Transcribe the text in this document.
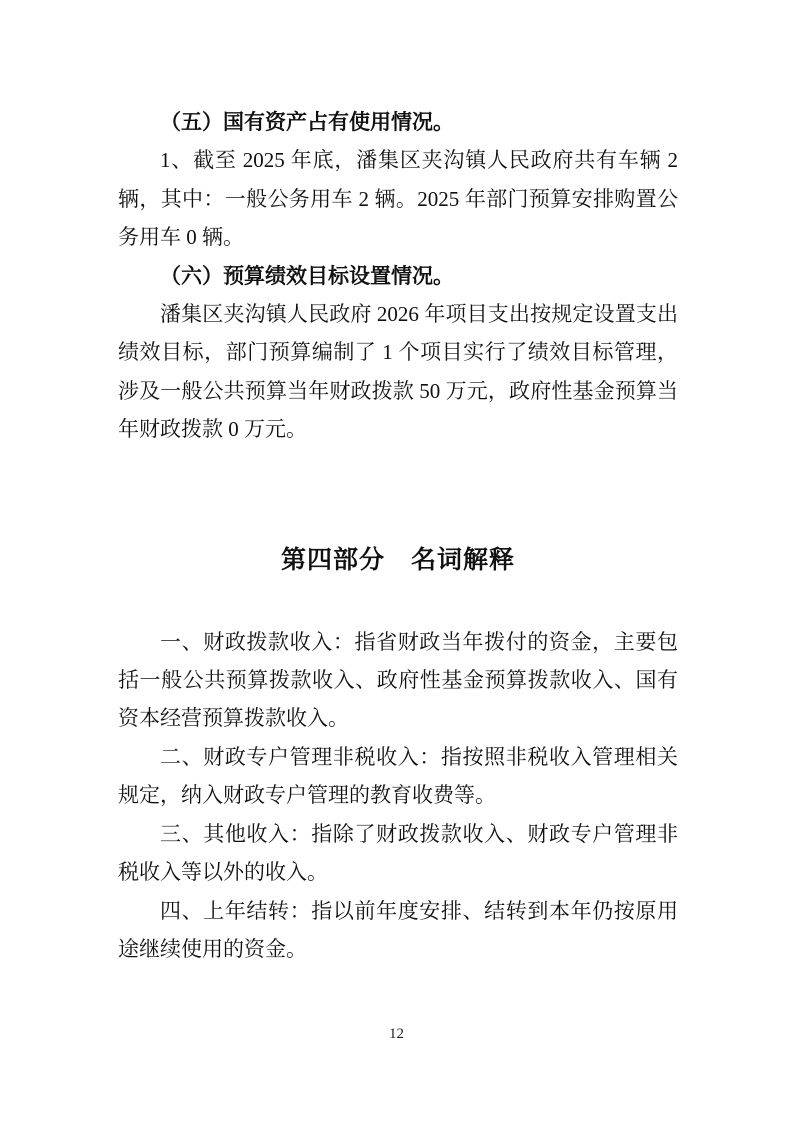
（五）国有资产占有使用情况。

1、截至 2025 年底，潘集区夹沟镇人民政府共有车辆 2 辆，其中：一般公务用车 2 辆。2025 年部门预算安排购置公务用车 0 辆。

（六）预算绩效目标设置情况。

潘集区夹沟镇人民政府 2026 年项目支出按规定设置支出绩效目标，部门预算编制了 1 个项目实行了绩效目标管理，涉及一般公共预算当年财政拨款 50 万元，政府性基金预算当年财政拨款 0 万元。

第四部分　名词解释

一、财政拨款收入：指省财政当年拨付的资金，主要包括一般公共预算拨款收入、政府性基金预算拨款收入、国有资本经营预算拨款收入。

二、财政专户管理非税收入：指按照非税收入管理相关规定，纳入财政专户管理的教育收费等。

三、其他收入：指除了财政拨款收入、财政专户管理非税收入等以外的收入。

四、上年结转：指以前年度安排、结转到本年仍按原用途继续使用的资金。

12
